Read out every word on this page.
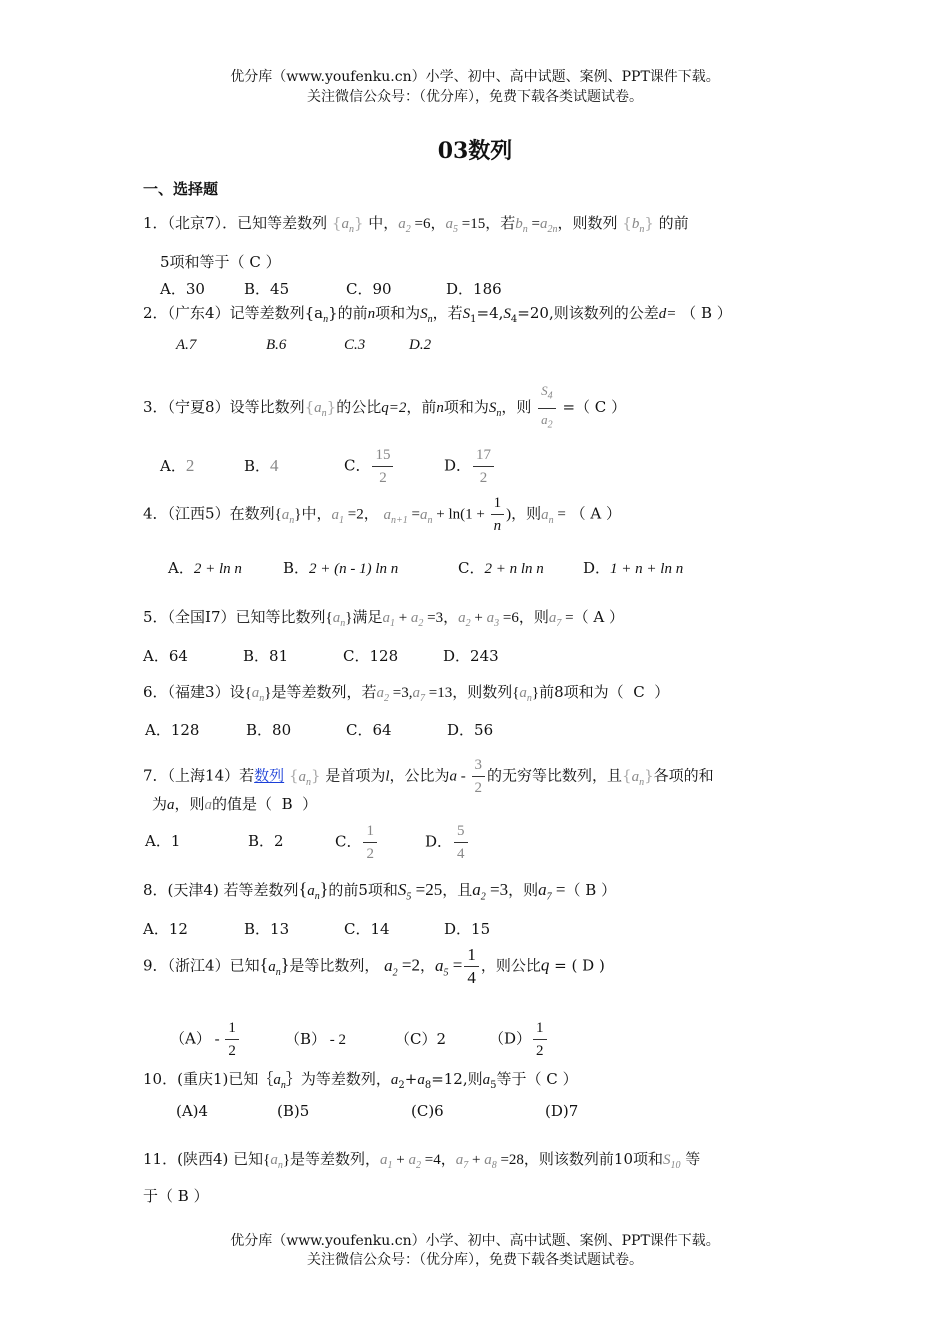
优分库（www.youfenku.cn）小学、初中、高中试题、案例、PPT课件下载。
关注微信公众号：（优分库），免费下载各类试题试卷。
03数列
一、选择题
1．（北京7）．已知等差数列 $\{a_n\}$ 中，$a_2 =6$，$a_5 =15$，若$b_n =a_{2n}$，则数列 $\{b_n\}$ 的前
5项和等于（ C ）
A．30	B．45	C．90	D．186
2．（广东4）记等差数列$\{a_n\}$的前n项和为$S_n$，若$S_1=4,S_4=20$,则该数列的公差d= （ B ）
A.7	B.6	C.3	D.2
3．（宁夏8）设等比数列$\{a_n\}$的公比q=2，前n项和为$S_n$，则 $\frac{S_4}{a_2}$ =（ C ）
A．2	B．4	C． $\frac{15}{2}$	D． $\frac{17}{2}$
4．（江西5）在数列$\{a_n\}$中，$a_1 =2$， $a_{n+1} =a_n + \ln(1 + \frac{1}{n}$ )，则$a_n$ = （ A ）
A．2 + ln n	B．2 + (n - 1) ln n	C．2 + n ln n	D．1 + n + ln n
5．（全国Ⅰ7）已知等比数列$\{a_n\}$满足$a_1 + a_2 =3$，$a_2 + a_3 =6$，则$a_7$ =（ A ）
A．64	B．81	C．128	D．243
6．（福建3）设$\{a_n\}$是等差数列，若$a_2 =3,a_7 =13$，则数列$\{a_n\}$前8项和为（ C ）
A．128	B．80	C．64	D．56
7．（上海14）若数列 $\{a_n\}$ 是首项为l，公比为a - $\frac{3}{2}$ 的无穷等比数列，且$\{a_n\}$各项的和
为a，则a的值是（ B ）
A．1	B．2	C． $\frac{1}{2}$	D． $\frac{5}{4}$
8．(天津4) 若等差数列$\{a_n\}$的前5项和$S_5 =25$，且$a_2 =3$，则$a_7$ =（ B ）
A．12	B．13	C．14	D．15
9．（浙江4）已知$\{a_n\}$是等比数列， $a_2 =2$，$a_5 = \frac{1}{4}$ ，则公比q = ( D )
$(A) - \frac{1}{2}$	（B） - 2	（C）2	$(D) \frac{1}{2}$
10．(重庆1)已知$\{a_n\}$为等差数列，$a_2+a_8=12$,则$a_5$等于（ C ）
(A)4	(B)5	(C)6	(D)7
11．(陕西4) 已知$\{a_n\}$是等差数列，$a_1 + a_2 =4$，$a_7 + a_8 =28$，则该数列前10项和$S_{10}$ 等
于（ B ）
优分库（www.youfenku.cn）小学、初中、高中试题、案例、PPT课件下载。
关注微信公众号：（优分库），免费下载各类试题试卷。
